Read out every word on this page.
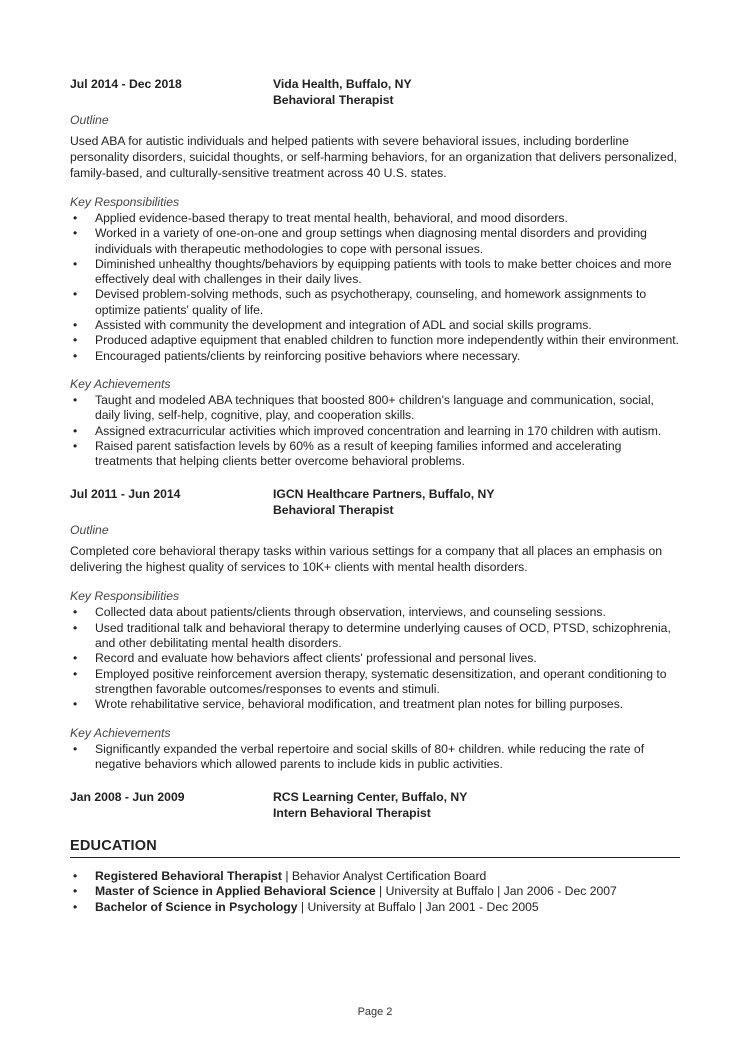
Jul 2014 - Dec 2018	Vida Health, Buffalo, NY
Behavioral Therapist
Outline
Used ABA for autistic individuals and helped patients with severe behavioral issues, including borderline personality disorders, suicidal thoughts, or self-harming behaviors, for an organization that delivers personalized, family-based, and culturally-sensitive treatment across 40 U.S. states.
Key Responsibilities
• Applied evidence-based therapy to treat mental health, behavioral, and mood disorders.
• Worked in a variety of one-on-one and group settings when diagnosing mental disorders and providing individuals with therapeutic methodologies to cope with personal issues.
• Diminished unhealthy thoughts/behaviors by equipping patients with tools to make better choices and more effectively deal with challenges in their daily lives.
• Devised problem-solving methods, such as psychotherapy, counseling, and homework assignments to optimize patients' quality of life.
• Assisted with community the development and integration of ADL and social skills programs.
• Produced adaptive equipment that enabled children to function more independently within their environment.
• Encouraged patients/clients by reinforcing positive behaviors where necessary.
Key Achievements
• Taught and modeled ABA techniques that boosted 800+ children's language and communication, social, daily living, self-help, cognitive, play, and cooperation skills.
• Assigned extracurricular activities which improved concentration and learning in 170 children with autism.
• Raised parent satisfaction levels by 60% as a result of keeping families informed and accelerating treatments that helping clients better overcome behavioral problems.
Jul 2011 - Jun 2014	IGCN Healthcare Partners, Buffalo, NY
Behavioral Therapist
Outline
Completed core behavioral therapy tasks within various settings for a company that all places an emphasis on delivering the highest quality of services to 10K+ clients with mental health disorders.
Key Responsibilities
• Collected data about patients/clients through observation, interviews, and counseling sessions.
• Used traditional talk and behavioral therapy to determine underlying causes of OCD, PTSD, schizophrenia, and other debilitating mental health disorders.
• Record and evaluate how behaviors affect clients' professional and personal lives.
• Employed positive reinforcement aversion therapy, systematic desensitization, and operant conditioning to strengthen favorable outcomes/responses to events and stimuli.
• Wrote rehabilitative service, behavioral modification, and treatment plan notes for billing purposes.
Key Achievements
• Significantly expanded the verbal repertoire and social skills of 80+ children. while reducing the rate of negative behaviors which allowed parents to include kids in public activities.
Jan 2008 - Jun 2009	RCS Learning Center, Buffalo, NY
Intern Behavioral Therapist
EDUCATION
• Registered Behavioral Therapist | Behavior Analyst Certification Board
• Master of Science in Applied Behavioral Science | University at Buffalo | Jan 2006 - Dec 2007
• Bachelor of Science in Psychology | University at Buffalo | Jan 2001 - Dec 2005
Page 2
